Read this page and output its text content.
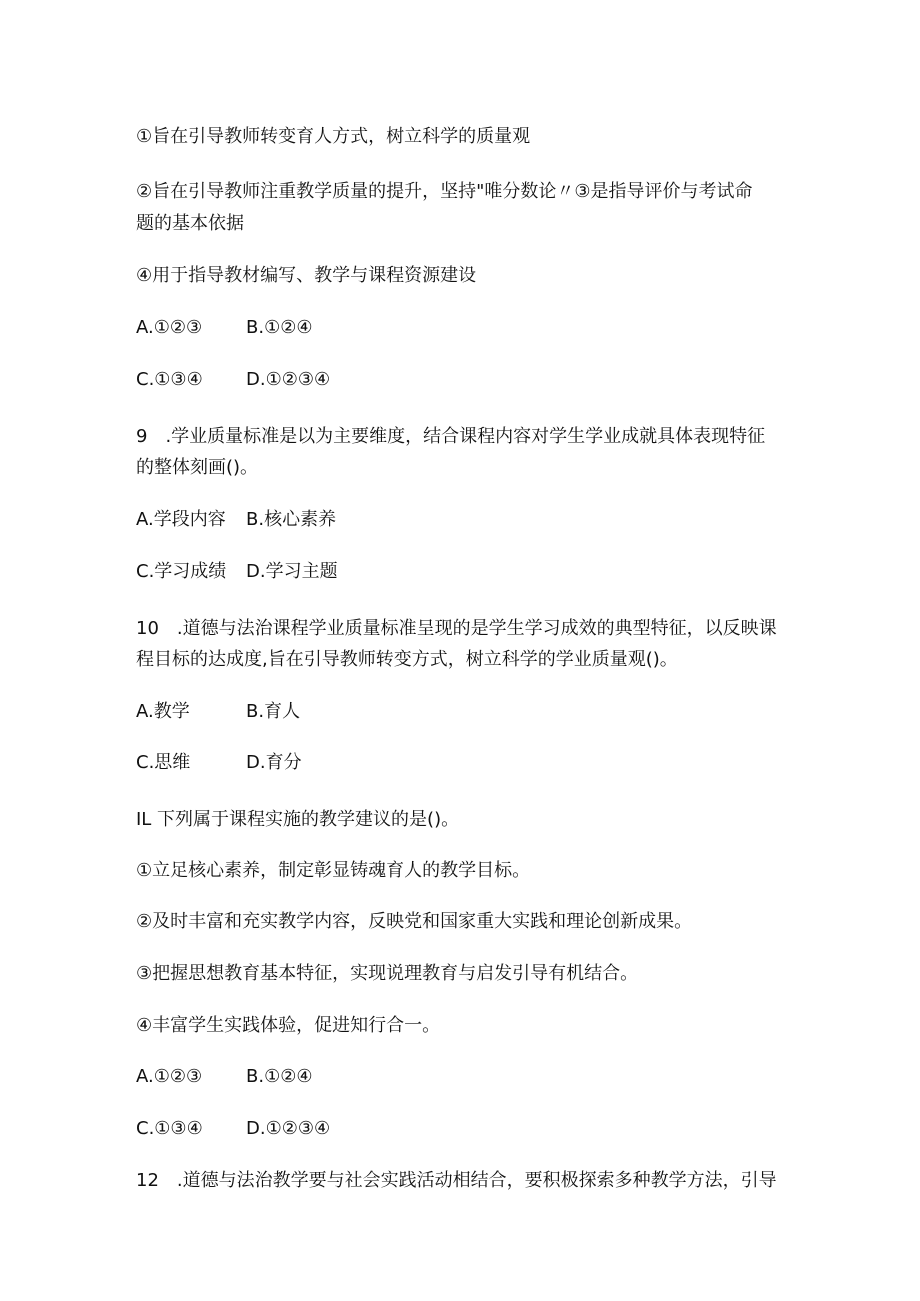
①旨在引导教师转变育人方式，树立科学的质量观
②旨在引导教师注重教学质量的提升，坚持"唯分数论〃③是指导评价与考试命
题的基本依据
④用于指导教材编写、教学与课程资源建设
A.①②③ B.①②④
C.①③④ D.①②③④
9　.学业质量标准是以为主要维度，结合课程内容对学生学业成就具体表现特征
的整体刻画()。
A.学段内容 B.核心素养
C.学习成绩 D.学习主题
10　.道德与法治课程学业质量标准呈现的是学生学习成效的典型特征，以反映课
程目标的达成度,旨在引导教师转变方式，树立科学的学业质量观()。
A.教学	B.育人
C.思维	D.育分
IL 下列属于课程实施的教学建议的是()。
①立足核心素养，制定彰显铸魂育人的教学目标。
②及时丰富和充实教学内容，反映党和国家重大实践和理论创新成果。
③把握思想教育基本特征，实现说理教育与启发引导有机结合。
④丰富学生实践体验，促进知行合一。
A.①②③ B.①②④
C.①③④ D.①②③④
12　.道德与法治教学要与社会实践活动相结合，要积极探索多种教学方法，引导
